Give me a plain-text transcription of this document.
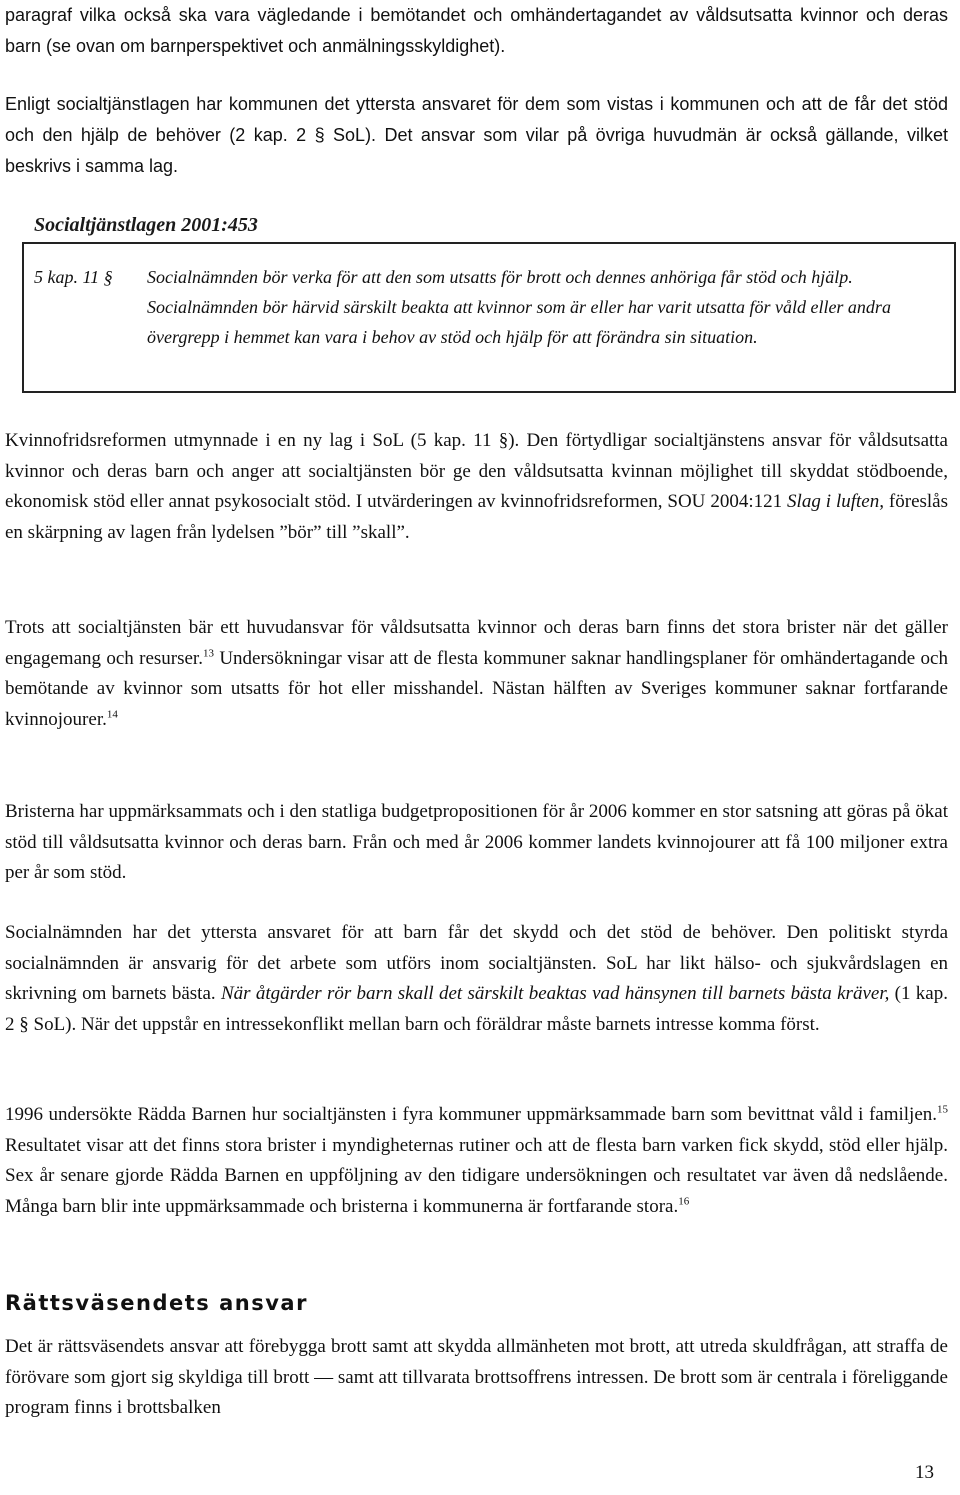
paragraf vilka också ska vara vägledande i bemötandet och omhändertagandet av våldsutsatta kvinnor och deras barn (se ovan om barnperspektivet och anmälningsskyldighet).

Enligt socialtjänstlagen har kommunen det yttersta ansvaret för dem som vistas i kommunen och att de får det stöd och den hjälp de behöver (2 kap. 2 § SoL). Det ansvar som vilar på övriga huvudmän är också gällande, vilket beskrivs i samma lag.

Socialtjänstlagen 2001:453
5 kap. 11 § Socialnämnden bör verka för att den som utsatts för brott och dennes anhöriga får stöd och hjälp. Socialnämnden bör härvid särskilt beakta att kvinnor som är eller har varit utsatta för våld eller andra övergrepp i hemmet kan vara i behov av stöd och hjälp för att förändra sin situation.

Kvinnofridsreformen utmynnade i en ny lag i SoL (5 kap. 11 §). Den förtydligar socialtjänstens ansvar för våldsutsatta kvinnor och deras barn och anger att socialtjänsten bör ge den våldsutsatta kvinnan möjlighet till skyddat stödboende, ekonomisk stöd eller annat psykosocialt stöd. I utvärderingen av kvinnofridsreformen, SOU 2004:121 Slag i luften, föreslås en skärpning av lagen från lydelsen ”bör” till ”skall”.

Trots att socialtjänsten bär ett huvudansvar för våldsutsatta kvinnor och deras barn finns det stora brister när det gäller engagemang och resurser.$^{13}$ Undersökningar visar att de flesta kommuner saknar handlingsplaner för omhändertagande och bemötande av kvinnor som utsatts för hot eller misshandel. Nästan hälften av Sveriges kommuner saknar fortfarande kvinnojourer.$^{14}$

Bristerna har uppmärksammats och i den statliga budgetpropositionen för år 2006 kommer en stor satsning att göras på ökat stöd till våldsutsatta kvinnor och deras barn. Från och med år 2006 kommer landets kvinnojourer att få 100 miljoner extra per år som stöd.

Socialnämnden har det yttersta ansvaret för att barn får det skydd och det stöd de behöver. Den politiskt styrda socialnämnden är ansvarig för det arbete som utförs inom socialtjänsten. SoL har likt hälso- och sjukvårdslagen en skrivning om barnets bästa. När åtgärder rör barn skall det särskilt beaktas vad hänsynen till barnets bästa kräver, (1 kap. 2 § SoL). När det uppstår en intressekonflikt mellan barn och föräldrar måste barnets intresse komma först.

1996 undersökte Rädda Barnen hur socialtjänsten i fyra kommuner uppmärksammade barn som bevittnat våld i familjen.$^{15}$ Resultatet visar att det finns stora brister i myndigheternas rutiner och att de flesta barn varken fick skydd, stöd eller hjälp. Sex år senare gjorde Rädda Barnen en uppföljning av den tidigare undersökningen och resultatet var även då nedslående. Många barn blir inte uppmärksammade och bristerna i kommunerna är fortfarande stora.$^{16}$

Rättsväsendets ansvar

Det är rättsväsendets ansvar att förebygga brott samt att skydda allmänheten mot brott, att utreda skuldfrågan, att straffa de förövare som gjort sig skyldiga till brott — samt att tillvarata brottsoffrens intressen. De brott som är centrala i föreliggande program finns i brottsbalken

13
